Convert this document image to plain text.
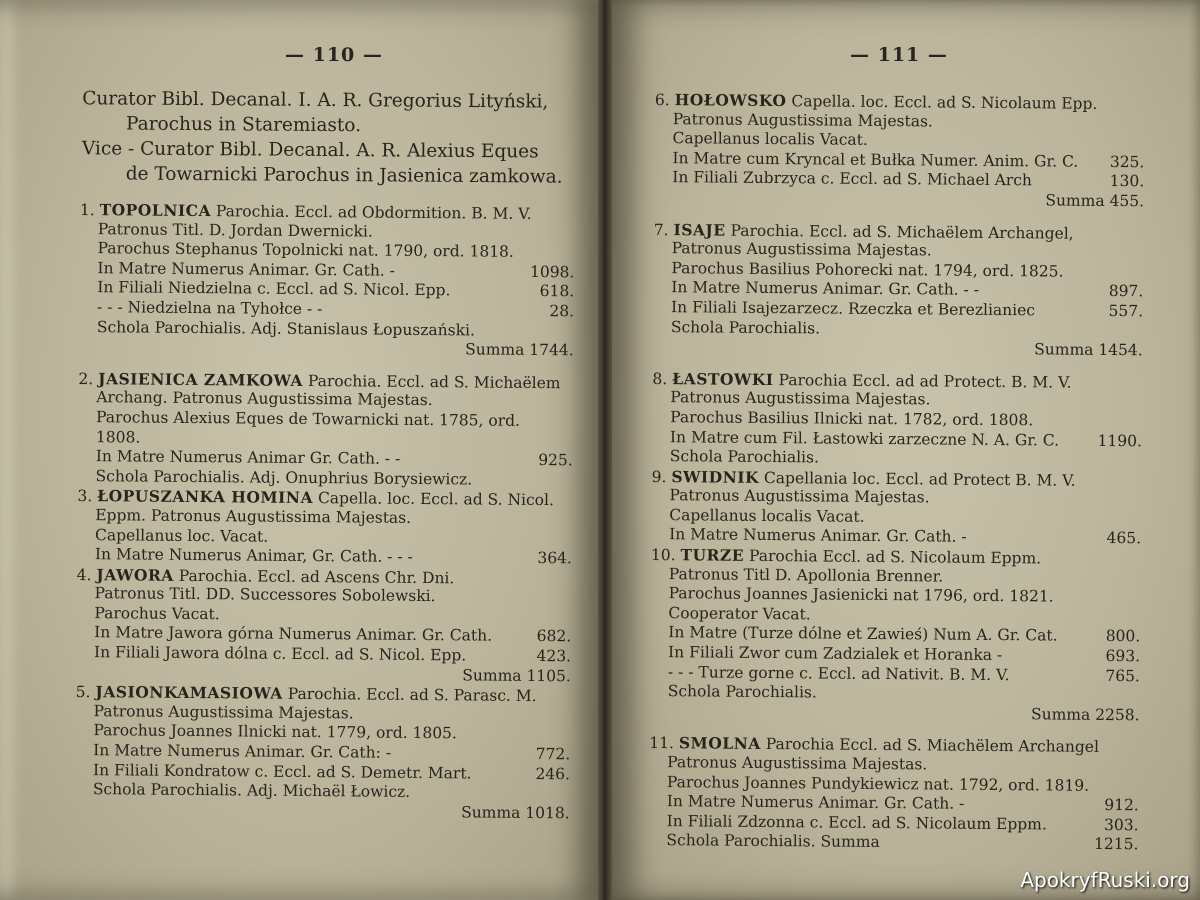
— 110 —	— 111 —
Curator Bibl. Decanal. I. A. R. Gregorius Lityński,
Parochus in Staremiasto.
Vice - Curator Bibl. Decanal. A. R. Alexius Eques
de Towarnicki Parochus in Jasienica zamkowa.
1. TOPOLNICA Parochia. Eccl. ad Obdormition. B. M. V.
Patronus Titl. D. Jordan Dwernicki.
Parochus Stephanus Topolnicki nat. 1790, ord. 1818.
1098.
In Matre Numerus Animar. Gr. Cath. -
618.
In Filiali Niedzielna c. Eccl. ad S. Nicol. Epp.
28.
- - - Niedzielna na Tyhołce - -
Schola Parochialis. Adj. Stanislaus Łopuszański.
Summa 1744.
2. JASIENICA ZAMKOWA Parochia. Eccl. ad S. Michaëlem
Archang. Patronus Augustissima Majestas.
Parochus Alexius Eques de Towarnicki nat. 1785, ord.
1808.
925.
In Matre Numerus Animar Gr. Cath. - -
Schola Parochialis. Adj. Onuphrius Borysiewicz.
3. ŁOPUSZANKA HOMINA Capella. loc. Eccl. ad S. Nicol.
Eppm. Patronus Augustissima Majestas.
Capellanus loc. Vacat.
364.
In Matre Numerus Animar, Gr. Cath. - - -
4. JAWORA Parochia. Eccl. ad Ascens Chr. Dni.
Patronus Titl. DD. Successores Sobolewski.
Parochus Vacat.
682.
In Matre Jawora górna Numerus Animar. Gr. Cath.
423.
In Filiali Jawora dólna c. Eccl. ad S. Nicol. Epp.
Summa 1105.
5. JASIONKAMASIOWA Parochia. Eccl. ad S. Parasc. M.
Patronus Augustissima Majestas.
Parochus Joannes Ilnicki nat. 1779, ord. 1805.
772.
In Matre Numerus Animar. Gr. Cath: -
246.
In Filiali Kondratow c. Eccl. ad S. Demetr. Mart.
Schola Parochialis. Adj. Michaël Łowicz.
Summa 1018.
6. HOŁOWSKO Capella. loc. Eccl. ad S. Nicolaum Epp.
Patronus Augustissima Majestas.
Capellanus localis Vacat.
325.
In Matre cum Kryncal et Bułka Numer. Anim. Gr. C.
130.
In Filiali Zubrzyca c. Eccl. ad S. Michael Arch
Summa 455.
7. ISAJE Parochia. Eccl. ad S. Michaëlem Archangel,
Patronus Augustissima Majestas.
Parochus Basilius Pohorecki nat. 1794, ord. 1825.
897.
In Matre Numerus Animar. Gr. Cath. - -
557.
In Filiali Isajezarzecz. Rzeczka et Berezlianiec
Schola Parochialis.
Summa 1454.
8. ŁASTOWKI Parochia Eccl. ad ad Protect. B. M. V.
Patronus Augustissima Majestas.
Parochus Basilius Ilnicki nat. 1782, ord. 1808.
1190.
In Matre cum Fil. Łastowki zarzeczne N. A. Gr. C.
Schola Parochialis.
9. SWIDNIK Capellania loc. Eccl. ad Protect B. M. V.
Patronus Augustissima Majestas.
Capellanus localis Vacat.
465.
In Matre Numerus Animar. Gr. Cath. -
10. TURZE Parochia Eccl. ad S. Nicolaum Eppm.
Patronus Titl D. Apollonia Brenner.
Parochus Joannes Jasienicki nat 1796, ord. 1821.
Cooperator Vacat.
800.
In Matre (Turze dólne et Zawieś) Num A. Gr. Cat.
693.
In Filiali Zwor cum Zadzialek et Horanka -
765.
- - - Turze gorne c. Eccl. ad Nativit. B. M. V.
Schola Parochialis.
Summa 2258.
11. SMOLNA Parochia Eccl. ad S. Miachëlem Archangel
Patronus Augustissima Majestas.
Parochus Joannes Pundykiewicz nat. 1792, ord. 1819.
912.
In Matre Numerus Animar. Gr. Cath. -
303.
In Filiali Zdzonna c. Eccl. ad S. Nicolaum Eppm.
1215.
Schola Parochialis. Summa
ApokryfRuski.org
